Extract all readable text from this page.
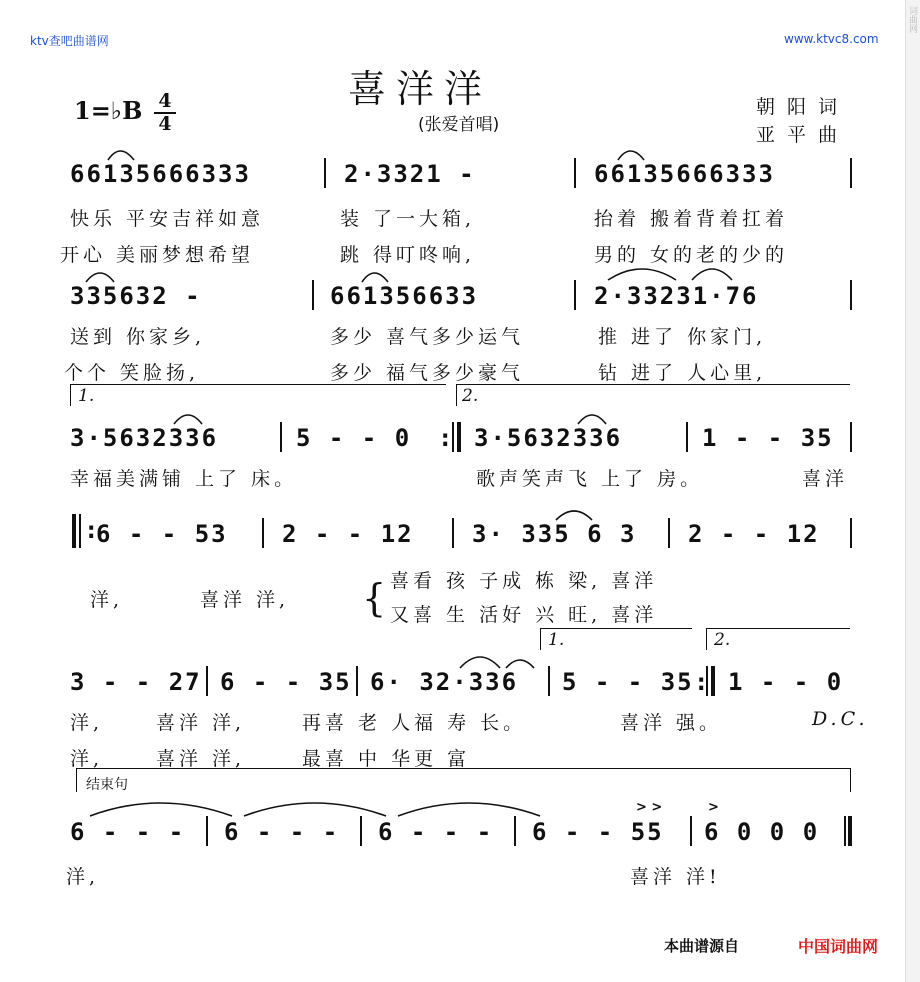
词曲网
ktv查吧曲谱网	www.ktvc8.com
喜洋洋
(张爱首唱)
1=♭B 4
4
朝阳词
亚平曲
66135666333	2·3321 -	66135666333
快乐 平安吉祥如意	装 了一大箱,	抬着 搬着背着扛着
开心 美丽梦想希望	跳 得叮咚响,	男的 女的老的少的
335632 -	661356633	2·33231·76
送到 你家乡,	多少 喜气多少运气	推 进了 你家门,
个个 笑脸扬,	多少 福气多少豪气	钻 进了 人心里,
1.	2.
3·5632336	5 - - 0 : 3·5632336	1 - - 35
幸福美满铺 上了 床。	歌声笑声飞 上了 房。	喜洋
:
6 - - 53 2 - - 12 3· 335 6 3 2 - - 12
洋,	喜洋 洋, { 喜看 孩 子成 栋 梁, 喜洋
又喜 生 活好 兴 旺, 喜洋
1.	2.
3 - - 27 6 - - 35 6· 32·336 5 - - 35 : 1 - - 0
洋,	喜洋 洋,	再喜 老 人福 寿 长。	喜洋 强。	D.C.
洋,	喜洋 洋,	最喜 中 华更 富
结束句
6 - - - 6 - - - 6 - - - 6 - - 55 6 0 0 0
> >	>
洋,	喜洋 洋!
本曲谱源自	中国词曲网
